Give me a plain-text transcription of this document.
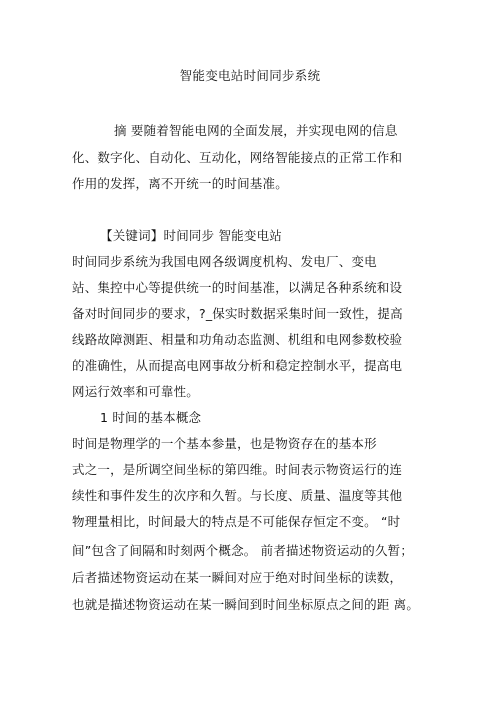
智能变电站时间同步系统
摘 要随着智能电网的全面发展，并实现电网的信息
化、数字化、自动化、互动化，网络智能接点的正常工作和
作用的发挥，离不开统一的时间基准。
【关键词】时间同步 智能变电站
时间同步系统为我国电网各级调度机构、发电厂、变电
站、集控中心等提供统一的时间基准，以满足各种系统和设
备对时间同步的要求，?_保实时数据采集时间一致性，提高
线路故障测距、相量和功角动态监测、机组和电网参数校验
的准确性，从而提高电网事故分析和稳定控制水平，提高电
网运行效率和可靠性。
1 时间的基本概念
时间是物理学的一个基本参量，也是物资存在的基本形
式之一，是所调空间坐标的第四维。时间表示物资运行的连
续性和事件发生的次序和久暂。与长度、质量、温度等其他
物理量相比，时间最大的特点是不可能保存恒定不变。 “时
间”包含了间隔和时刻两个概念。 前者描述物资运动的久暂；
后者描述物资运动在某一瞬间对应于绝对时间坐标的读数，
也就是描述物资运动在某一瞬间到时间坐标原点之间的距 离。
